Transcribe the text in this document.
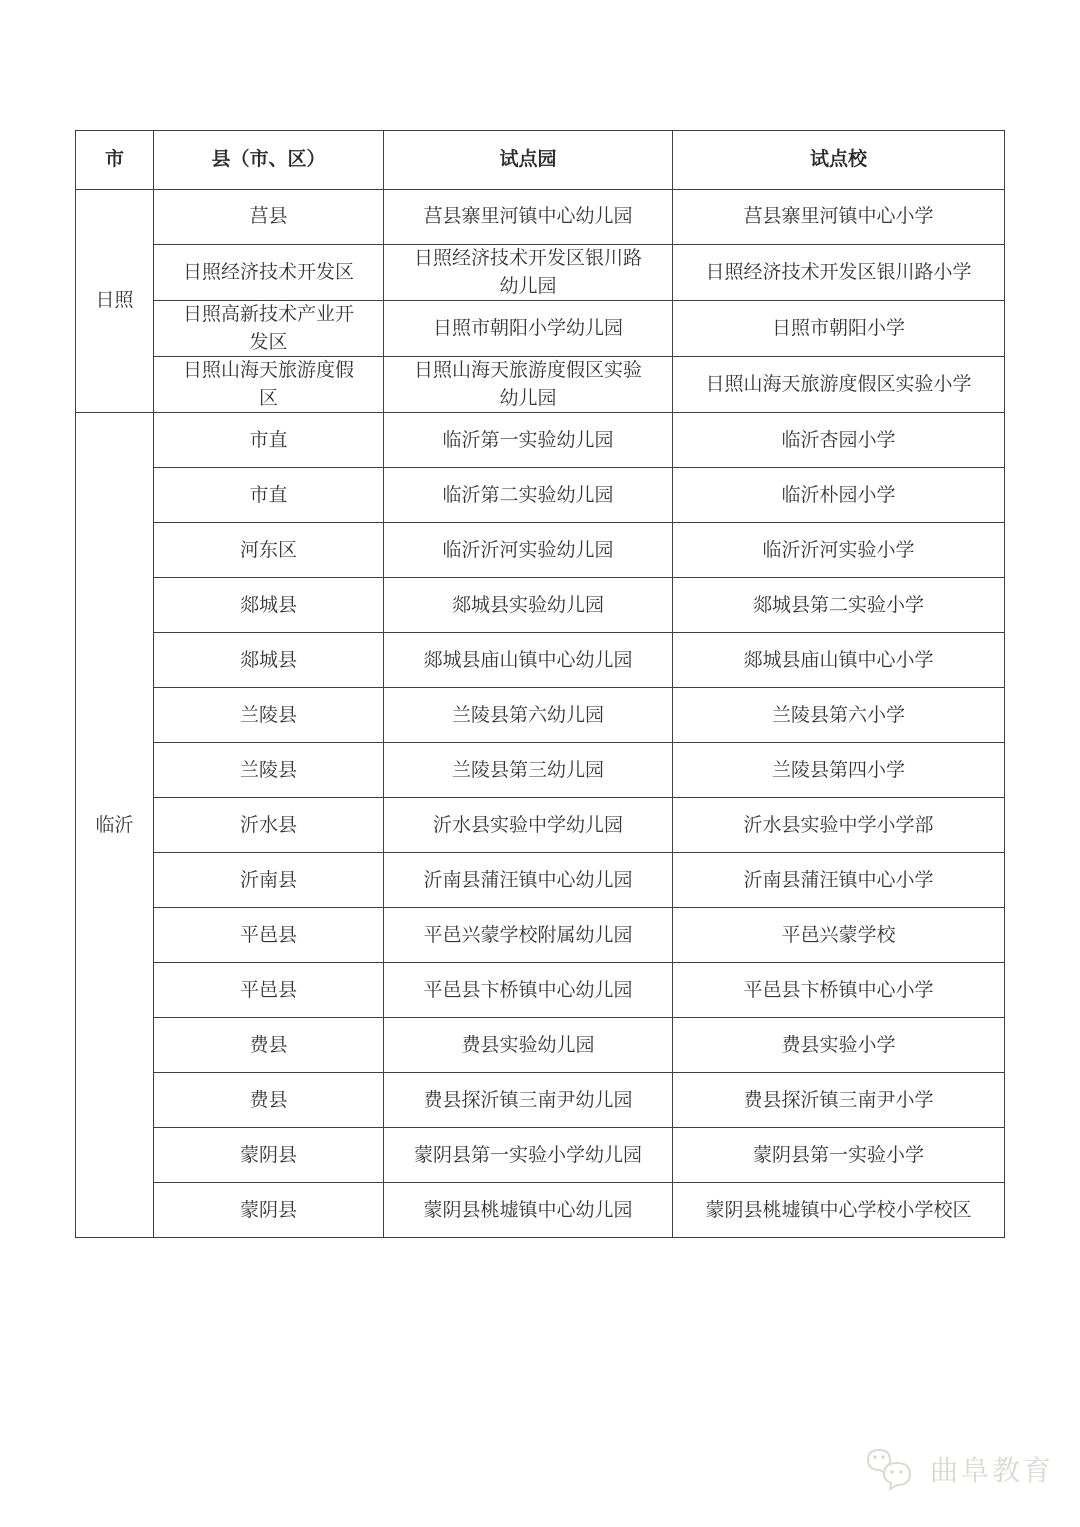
市	县（市、区）	试点园	试点校
日照	莒县	莒县寨里河镇中心幼儿园	莒县寨里河镇中心小学
	日照经济技术开发区	日照经济技术开发区银川路幼儿园	日照经济技术开发区银川路小学
	日照高新技术产业开发区	日照市朝阳小学幼儿园	日照市朝阳小学
	日照山海天旅游度假区	日照山海天旅游度假区实验幼儿园	日照山海天旅游度假区实验小学
临沂	市直	临沂第一实验幼儿园	临沂杏园小学
	市直	临沂第二实验幼儿园	临沂朴园小学
	河东区	临沂沂河实验幼儿园	临沂沂河实验小学
	郯城县	郯城县实验幼儿园	郯城县第二实验小学
	郯城县	郯城县庙山镇中心幼儿园	郯城县庙山镇中心小学
	兰陵县	兰陵县第六幼儿园	兰陵县第六小学
	兰陵县	兰陵县第三幼儿园	兰陵县第四小学
	沂水县	沂水县实验中学幼儿园	沂水县实验中学小学部
	沂南县	沂南县蒲汪镇中心幼儿园	沂南县蒲汪镇中心小学
	平邑县	平邑兴蒙学校附属幼儿园	平邑兴蒙学校
	平邑县	平邑县卞桥镇中心幼儿园	平邑县卞桥镇中心小学
	费县	费县实验幼儿园	费县实验小学
	费县	费县探沂镇三南尹幼儿园	费县探沂镇三南尹小学
	蒙阴县	蒙阴县第一实验小学幼儿园	蒙阴县第一实验小学
	蒙阴县	蒙阴县桃墟镇中心幼儿园	蒙阴县桃墟镇中心学校小学校区
曲阜教育
